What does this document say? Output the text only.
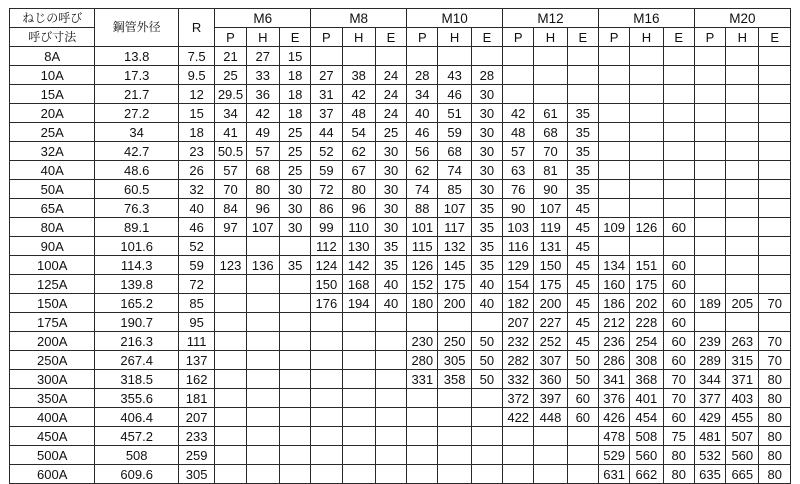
ねじの呼び	鋼管外径	R	M6			M8			M10			M12			M16			M20		
呼び寸法			P	H	E	P	H	E	P	H	E	P	H	E	P	H	E	P	H	E
8A	13.8	7.5	21	27	15															
10A	17.3	9.5	25	33	18	27	38	24	28	43	28									
15A	21.7	12	29.5	36	18	31	42	24	34	46	30									
20A	27.2	15	34	42	18	37	48	24	40	51	30	42	61	35						
25A	34	18	41	49	25	44	54	25	46	59	30	48	68	35						
32A	42.7	23	50.5	57	25	52	62	30	56	68	30	57	70	35						
40A	48.6	26	57	68	25	59	67	30	62	74	30	63	81	35						
50A	60.5	32	70	80	30	72	80	30	74	85	30	76	90	35						
65A	76.3	40	84	96	30	86	96	30	88	107	35	90	107	45						
80A	89.1	46	97	107	30	99	110	30	101	117	35	103	119	45	109	126	60			
90A	101.6	52				112	130	35	115	132	35	116	131	45						
100A	114.3	59	123	136	35	124	142	35	126	145	35	129	150	45	134	151	60			
125A	139.8	72				150	168	40	152	175	40	154	175	45	160	175	60			
150A	165.2	85				176	194	40	180	200	40	182	200	45	186	202	60	189	205	70
175A	190.7	95										207	227	45	212	228	60			
200A	216.3	111							230	250	50	232	252	45	236	254	60	239	263	70
250A	267.4	137							280	305	50	282	307	50	286	308	60	289	315	70
300A	318.5	162							331	358	50	332	360	50	341	368	70	344	371	80
350A	355.6	181										372	397	60	376	401	70	377	403	80
400A	406.4	207										422	448	60	426	454	60	429	455	80
450A	457.2	233													478	508	75	481	507	80
500A	508	259													529	560	80	532	560	80
600A	609.6	305													631	662	80	635	665	80
